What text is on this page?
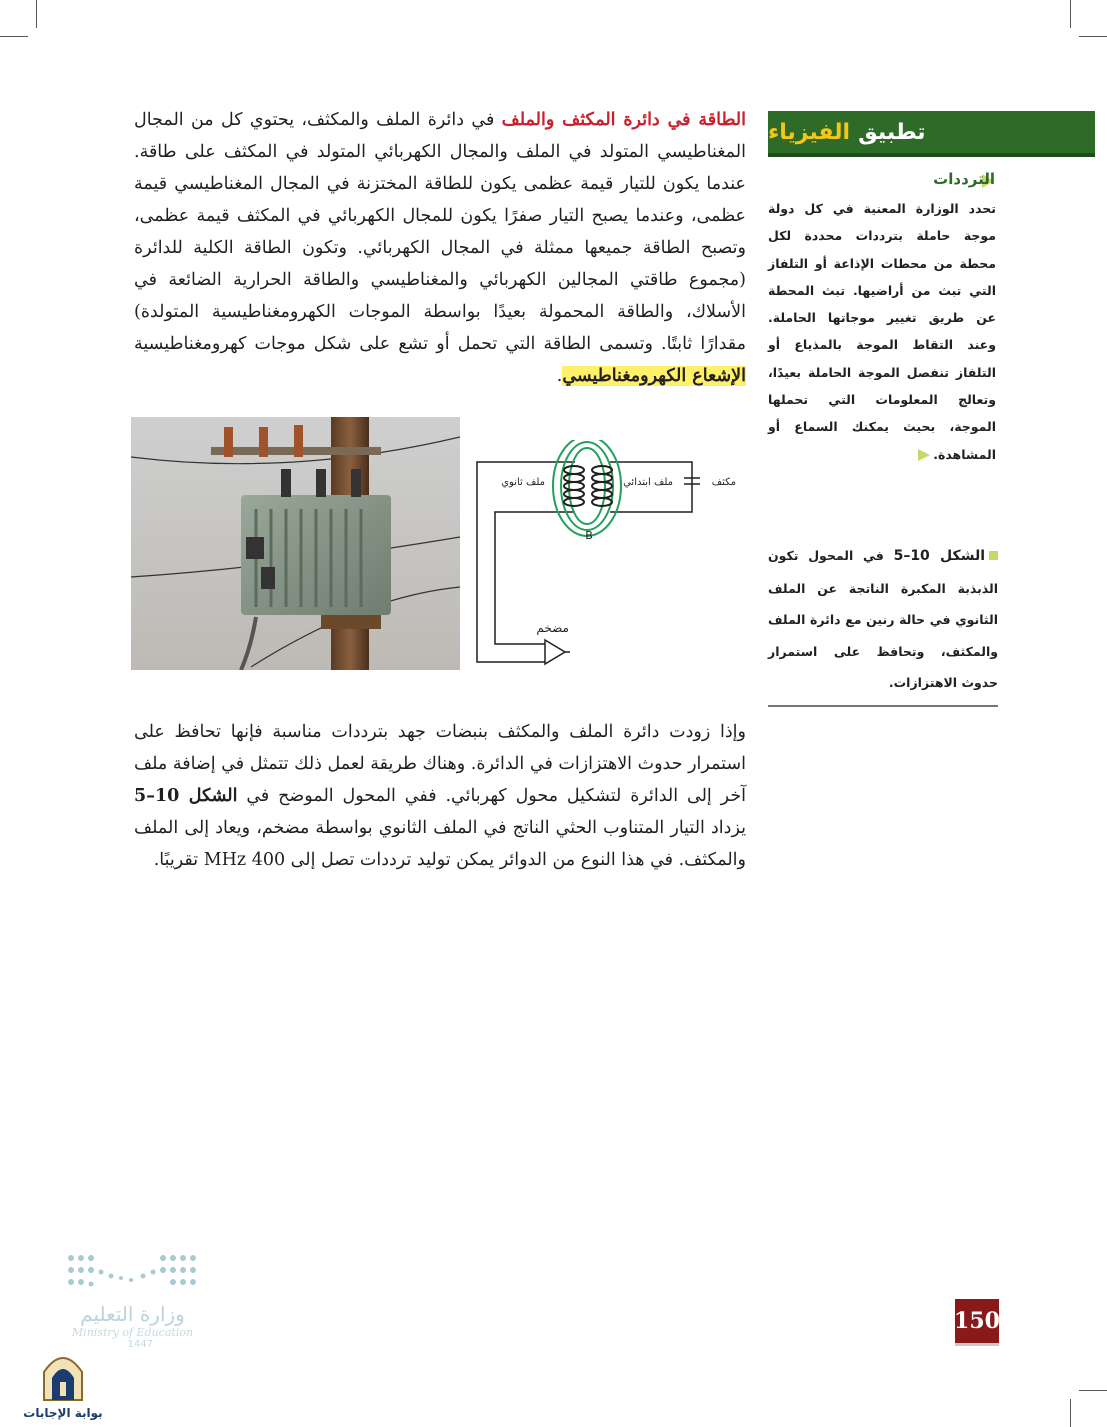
الطاقة في دائرة المكثف والملف في دائرة الملف والمكثف، يحتوي كل من المجال المغناطيسي المتولد في الملف والمجال الكهربائي المتولد في المكثف على طاقة. عندما يكون للتيار قيمة عظمى يكون للطاقة المختزنة في المجال المغناطيسي قيمة عظمى، وعندما يصبح التيار صفرًا يكون للمجال الكهربائي في المكثف قيمة عظمى، وتصبح الطاقة جميعها ممثلة في المجال الكهربائي. وتكون الطاقة الكلية للدائرة (مجموع طاقتي المجالين الكهربائي والمغناطيسي والطاقة الحرارية الضائعة في الأسلاك، والطاقة المحمولة بعيدًا بواسطة الموجات الكهرومغناطيسية المتولدة) مقدارًا ثابتًا. وتسمى الطاقة التي تحمل أو تشع على شكل موجات كهرومغناطيسية الإشعاع الكهرومغناطيسي.
تطبيق
الفيزياء
الترددات
تحدد الوزارة المعنية في كل دولة موجة حاملة بترددات محددة لكل محطة من محطات الإذاعة أو التلفاز التي تبث من أراضيها. تبث المحطة عن طريق تغيير موجاتها الحاملة. وعند التقاط الموجة بالمذياع أو التلفاز تنفصل الموجة الحاملة بعيدًا، وتعالج المعلومات التي تحملها الموجة، بحيث يمكنك السماع أو المشاهدة.
الشكل 10–5 في المحول تكون الذبذبة المكبرة الناتجة عن الملف الثانوي في حالة رنين مع دائرة الملف والمكثف، وتحافظ على استمرار حدوث الاهتزازات.
مكثف
ملف ابتدائي
ملف ثانوي
B
مضخم
وإذا زودت دائرة الملف والمكثف بنبضات جهد بترددات مناسبة فإنها تحافظ على استمرار حدوث الاهتزازات في الدائرة. وهناك طريقة لعمل ذلك تتمثل في إضافة ملف آخر إلى الدائرة لتشكيل محول كهربائي. ففي المحول الموضح في الشكل 10–5 يزداد التيار المتناوب الحثي الناتج في الملف الثانوي بواسطة مضخم، ويعاد إلى الملف والمكثف. في هذا النوع من الدوائر يمكن توليد ترددات تصل إلى 400 MHz تقريبًا.
وزارة التعليم
Ministry of Education
1447
بوابة الإجابات
150
